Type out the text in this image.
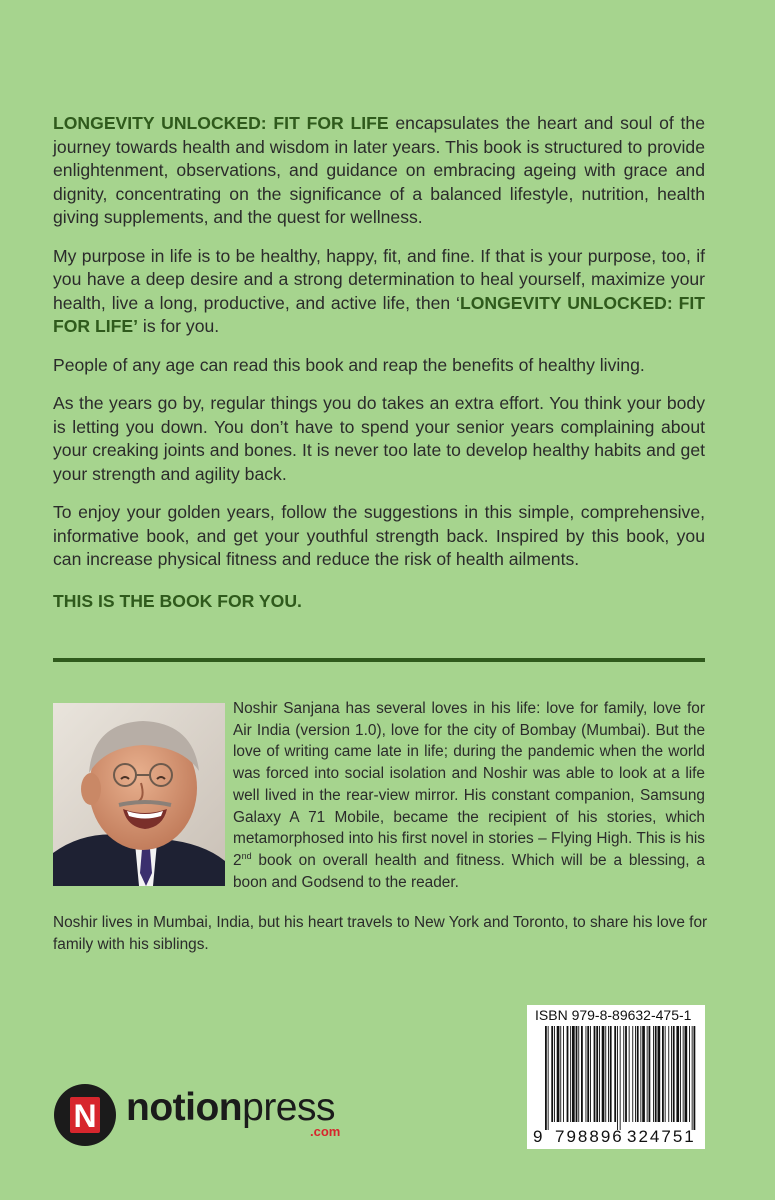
LONGEVITY UNLOCKED: FIT FOR LIFE encapsulates the heart and soul of the journey towards health and wisdom in later years. This book is structured to provide enlightenment, observations, and guidance on embracing ageing with grace and dignity, concentrating on the significance of a balanced lifestyle, nutrition, health giving supplements, and the quest for wellness.

My purpose in life is to be healthy, happy, fit, and fine. If that is your purpose, too, if you have a deep desire and a strong determination to heal yourself, maximize your health, live a long, productive, and active life, then ‘LONGEVITY UNLOCKED: FIT FOR LIFE’ is for you.

People of any age can read this book and reap the benefits of healthy living.

As the years go by, regular things you do takes an extra effort. You think your body is letting you down. You don’t have to spend your senior years complaining about your creaking joints and bones. It is never too late to develop healthy habits and get your strength and agility back.

To enjoy your golden years, follow the suggestions in this simple, comprehensive, informative book, and get your youthful strength back. Inspired by this book, you can increase physical fitness and reduce the risk of health ailments.

THIS IS THE BOOK FOR YOU.

Noshir Sanjana has several loves in his life: love for family, love for Air India (version 1.0), love for the city of Bombay (Mumbai). But the love of writing came late in life; during the pandemic when the world was forced into social isolation and Noshir was able to look at a life well lived in the rear-view mirror. His constant companion, Samsung Galaxy A 71 Mobile, became the recipient of his stories, which metamorphosed into his first novel in stories – Flying High. This is his 2nd book on overall health and fitness. Which will be a blessing, a boon and Godsend to the reader.
Noshir lives in Mumbai, India, but his heart travels to New York and Toronto, to share his love for family with his siblings.
ISBN 979-8-89632-475-1
9 798896 324751
N notionpress
.com
